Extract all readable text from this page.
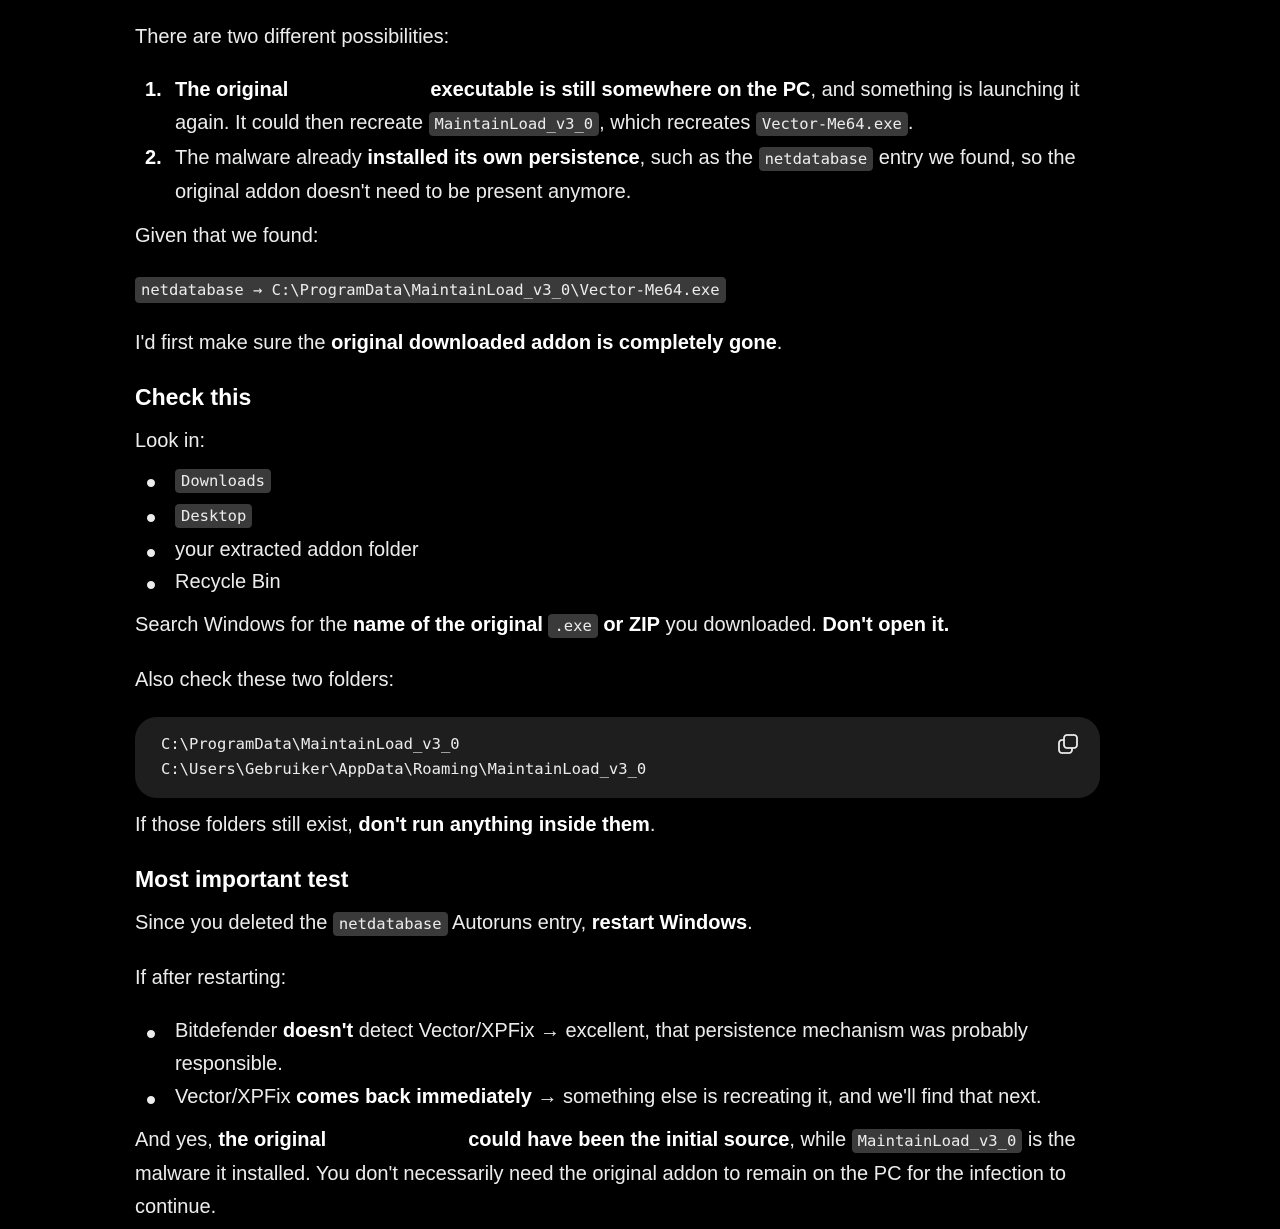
There are two different possibilities:
1. The original	executable is still somewhere on the PC, and something is launching it
again. It could then recreate MaintainLoad_v3_0 , which recreates Vector-Me64.exe .
2. The malware already installed its own persistence, such as the netdatabase entry we found, so the
original addon doesn't need to be present anymore.
Given that we found:
netdatabase → C:\ProgramData\MaintainLoad_v3_0\Vector-Me64.exe
I'd first make sure the original downloaded addon is completely gone.
Check this
Look in:
Downloads
Desktop
your extracted addon folder
Recycle Bin
Search Windows for the name of the original .exe or ZIP you downloaded. Don't open it.
Also check these two folders:
C:\ProgramData\MaintainLoad_v3_0
C:\Users\Gebruiker\AppData\Roaming\MaintainLoad_v3_0
If those folders still exist, don't run anything inside them.
Most important test
Since you deleted the netdatabase Autoruns entry, restart Windows.
If after restarting:
Bitdefender doesn't detect Vector/XPFix → excellent, that persistence mechanism was probably
responsible.
Vector/XPFix comes back immediately → something else is recreating it, and we'll find that next.
And yes, the original	could have been the initial source, while MaintainLoad_v3_0 is the
malware it installed. You don't necessarily need the original addon to remain on the PC for the infection to
continue.
